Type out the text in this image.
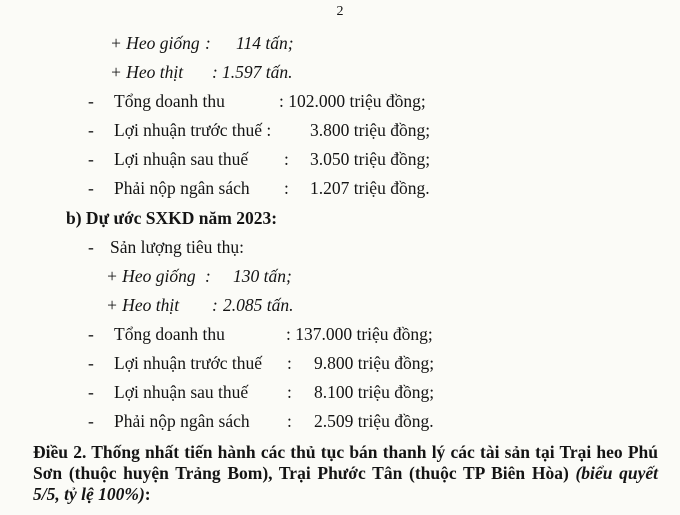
2
+ Heo giống : 114 tấn;
+ Heo thịt : 1.597 tấn.
- Tổng doanh thu	: 102.000 triệu đồng;
- Lợi nhuận trước thuế : 3.800 triệu đồng;
- Lợi nhuận sau thuế : 3.050 triệu đồng;
- Phải nộp ngân sách : 1.207 triệu đồng.
b) Dự ước SXKD năm 2023:
- Sản lượng tiêu thụ:
+ Heo giống : 130 tấn;
+ Heo thịt : 2.085 tấn.
- Tổng doanh thu	: 137.000 triệu đồng;
- Lợi nhuận trước thuế : 9.800 triệu đồng;
- Lợi nhuận sau thuế : 8.100 triệu đồng;
- Phải nộp ngân sách : 2.509 triệu đồng.
Điều 2. Thống nhất tiến hành các thủ tục bán thanh lý các tài sản tại Trại heo Phú Sơn (thuộc huyện Trảng Bom), Trại Phước Tân (thuộc TP Biên Hòa) (biểu quyết 5/5, tỷ lệ 100%):
